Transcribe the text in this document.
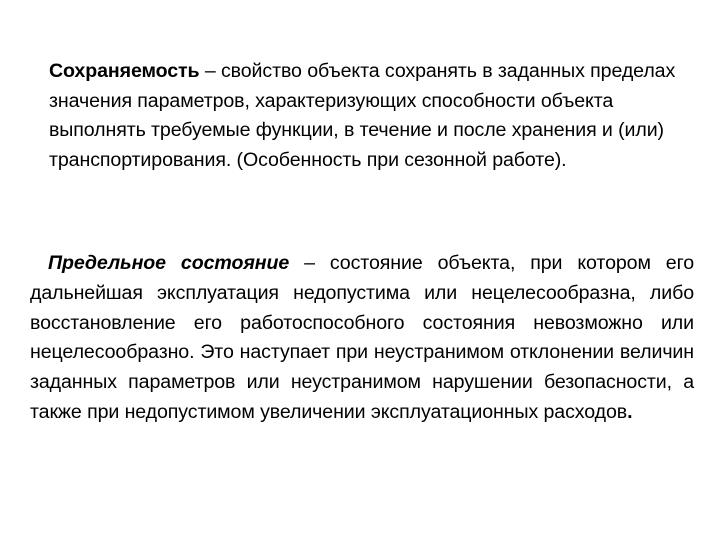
Сохраняемость – свойство объекта сохранять в заданных пределах значения параметров, характеризующих способности объекта выполнять требуемые функции, в течение и после хранения и (или) транспортирования. (Особенность при сезонной работе).

Предельное состояние – состояние объекта, при котором его дальнейшая эксплуатация недопустима или нецелесообразна, либо восстановление его работоспособного состояния невозможно или нецелесообразно. Это наступает при неустранимом отклонении величин заданных параметров или неустранимом нарушении безопасности, а также при недопустимом увеличении эксплуатационных расходов.
